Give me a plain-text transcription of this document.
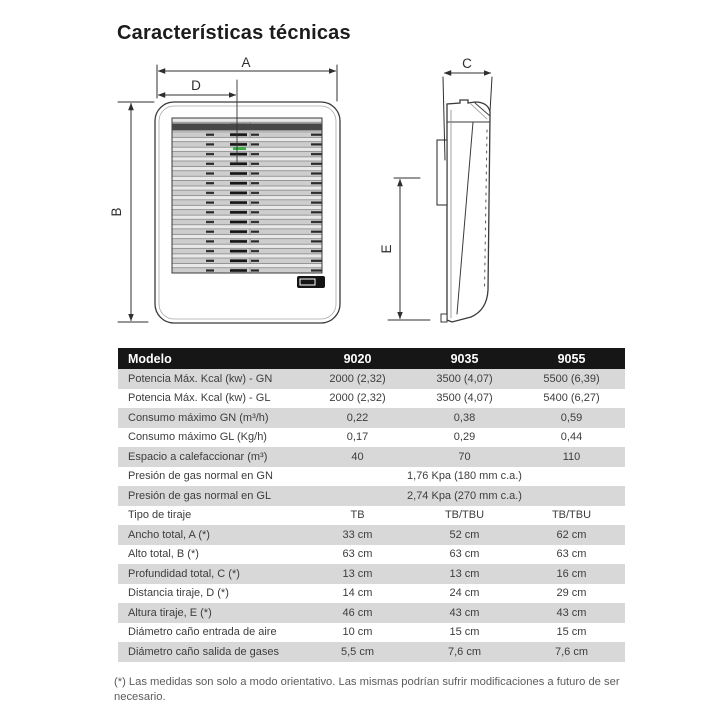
Características técnicas
A
D
B
C
E
Modelo	9020	9035	9055
Potencia Máx. Kcal (kw) - GN	2000 (2,32)	3500 (4,07)	5500 (6,39)
Potencia Máx. Kcal (kw) - GL	2000 (2,32)	3500 (4,07)	5400 (6,27)
Consumo máximo GN (m³/h)	0,22	0,38	0,59
Consumo máximo GL (Kg/h)	0,17	0,29	0,44
Espacio a calefaccionar (m³)	40	70	110
Presión de gas normal en GN	1,76 Kpa (180 mm c.a.)		
Presión de gas normal en GL	2,74 Kpa (270 mm c.a.)		
Tipo de tiraje	TB	TB/TBU	TB/TBU
Ancho total, A (*)	33 cm	52 cm	62 cm
Alto total, B (*)	63 cm	63 cm	63 cm
Profundidad total, C (*)	13 cm	13 cm	16 cm
Distancia tiraje, D (*)	14 cm	24 cm	29 cm
Altura tiraje, E (*)	46 cm	43 cm	43 cm
Diámetro caño entrada de aire	10 cm	15 cm	15 cm
Diámetro caño salida de gases	5,5 cm	7,6 cm	7,6 cm

(*) Las medidas son solo a modo orientativo. Las mismas podrían sufrir modificaciones a futuro de ser necesario.
